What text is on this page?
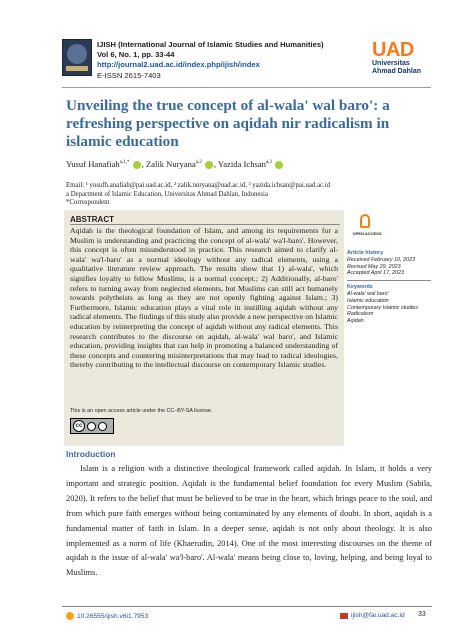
IJISH (International Journal of Islamic Studies and Humanities)
Vol 6, No. 1, pp. 33-44
http://journal2.uad.ac.id/index.php/ijish/index
E-ISSN 2615-7403
UAD
Universitas
Ahmad Dahlan
Unveiling the true concept of al-wala' wal baro': a refreshing perspective on aqidah nir radicalism in islamic education
Yusuf Hanafiah$^{a,1,*}$ , Zalik Nuryana$^{a,2}$ , Yazida Ichsan$^{a,3}$
Email: ¹ yusufh.anafiah@pai.uad.ac.id, ² zalik.nuryana@uad.ac.id, ³ yazida.ichsan@pai.uad.ac.id
a Department of Islamic Education, Universitas Ahmad Dahlan, Indonesia
*Correspondent
ABSTRACT
Aqidah is the theological foundation of Islam, and among its requirements for a Muslim is understanding and practicing the concept of al-wala' wa'l-baro'. However, this concept is often misunderstood in practice. This research aimed to clarify al-wala' wa'l-baro' as a normal ideology without any radical elements, using a qualitative literature review approach. The results show that 1) al-wala', which signifies loyalty to fellow Muslims, is a normal concept.; 2) Additionally, al-baro' refers to turning away from neglected elements, but Muslims can still act humanely towards polytheists as long as they are not openly fighting against Islam.; 3) Furthermore, Islamic education plays a vital role in instilling aqidah without any radical elements. The findings of this study also provide a new perspective on Islamic education by reinterpreting the concept of aqidah without any radical elements. This research contributes to the discourse on aqidah, al-wala' wal baro', and Islamic education, providing insights that can help in promoting a balanced understanding of these concepts and countering misinterpretations that may lead to radical ideologies, thereby contributing to the intellectual discourse on contemporary Islamic studies.
This is an open access article under the CC–BY-SA license.
cc
OPEN ACCESS
Article history
Received February 10, 2023
Revised May 29, 2023
Accepted April 17, 2023
Keywords
Al-wala' wal baro'
Islamic education
Contemporary Islamic studies
Radicalism
Aqidah
Introduction
Islam is a religion with a distinctive theological framework called aqidah. In Islam, it holds a very important and strategic position. Aqidah is the fundamental belief foundation for every Muslim (Sabila, 2020). It refers to the belief that must be believed to be true in the heart, which brings peace to the soul, and from which pure faith emerges without being contaminated by any elements of doubt. In short, aqidah is a fundamental matter of faith in Islam. In a deeper sense, aqidah is not only about theology. It is also implemented as a norm of life (Khaerudin, 2014). One of the most interesting discourses on the theme of aqidah is the issue of al-wala' wa'l-baro'. Al-wala' means being close to, loving, helping, and being loyal to Muslims.
10.26555/ijish.v6i1.7953	ijish@fai.uad.ac.id 33
